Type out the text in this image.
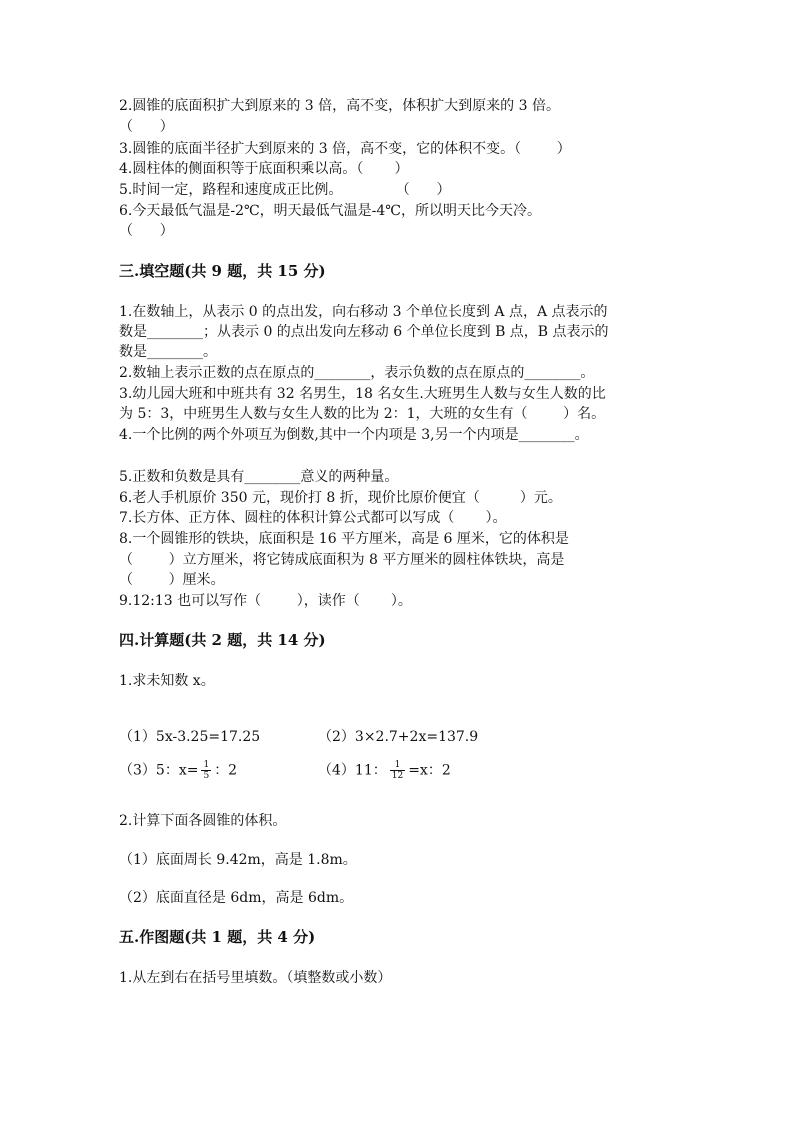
2.圆锥的底面积扩大到原来的 3 倍，高不变，体积扩大到原来的 3 倍。
（      ）
3.圆锥的底面半径扩大到原来的 3 倍，高不变，它的体积不变。（        ）
4.圆柱体的侧面积等于底面积乘以高。（       ）
5.时间一定，路程和速度成正比例。            （      ）
6.今天最低气温是-2℃，明天最低气温是-4℃，所以明天比今天冷。
（      ）
三.填空题(共 9 题，共 15 分)
1.在数轴上，从表示 0 的点出发，向右移动 3 个单位长度到 A 点，A 点表示的
数是________；从表示 0 的点出发向左移动 6 个单位长度到 B 点，B 点表示的
数是________。
2.数轴上表示正数的点在原点的________，表示负数的点在原点的________。
3.幼儿园大班和中班共有 32 名男生，18 名女生.大班男生人数与女生人数的比
为 5：3，中班男生人数与女生人数的比为 2：1，大班的女生有（        ）名。
4.一个比例的两个外项互为倒数,其中一个内项是 3,另一个内项是________。
5.正数和负数是具有________意义的两种量。
6.老人手机原价 350 元，现价打 8 折，现价比原价便宜（         ）元。
7.长方体、正方体、圆柱的体积计算公式都可以写成（       ）。
8.一个圆锥形的铁块，底面积是 16 平方厘米，高是 6 厘米，它的体积是
（        ）立方厘米，将它铸成底面积为 8 平方厘米的圆柱体铁块，高是
（        ）厘米。
9.12:13 也可以写作（        ），读作（       ）。
四.计算题(共 2 题，共 14 分)
1.求未知数 x。
（1）5x-3.25=17.25	（2）3×2.7+2x=137.9
（3）5：$x= \frac{1}{5}$ ：2	（4）11： $\frac{1}{12} =x$：2
2.计算下面各圆锥的体积。
（1）底面周长 9.42m，高是 1.8m。
（2）底面直径是 6dm，高是 6dm。
五.作图题(共 1 题，共 4 分)
1.从左到右在括号里填数。（填整数或小数）
